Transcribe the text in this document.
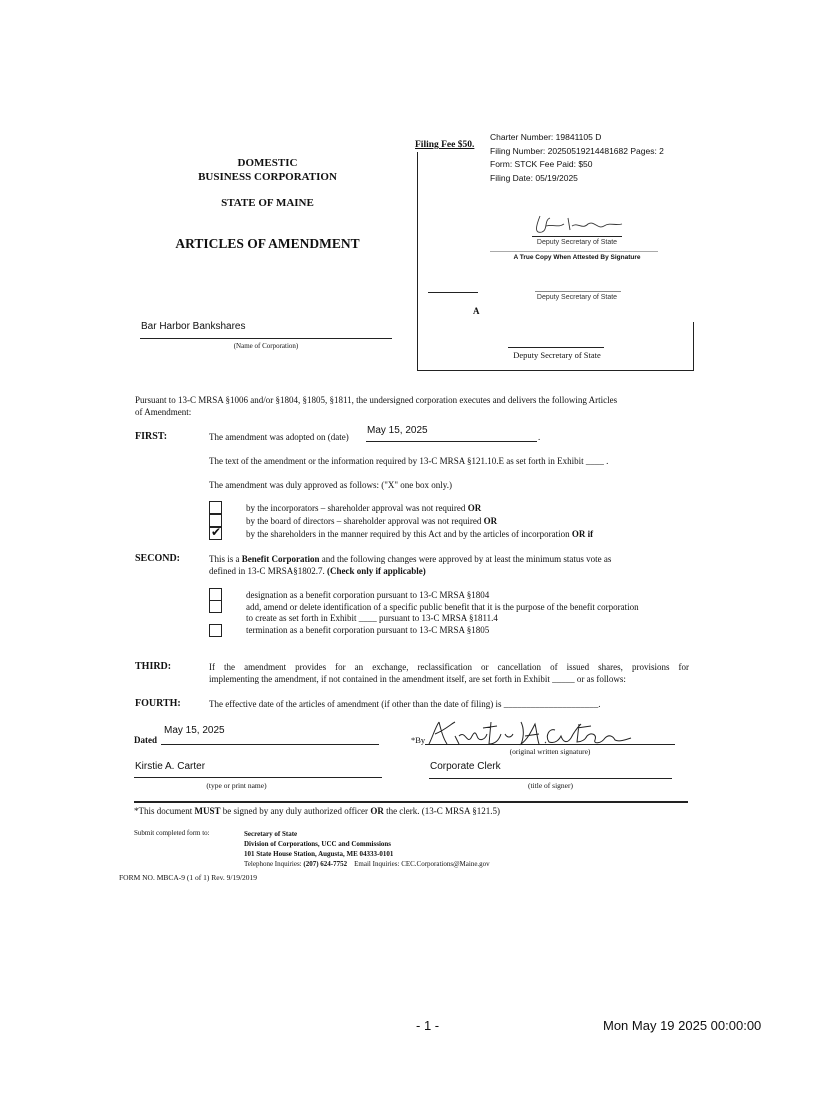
DOMESTIC
BUSINESS CORPORATION
STATE OF MAINE
ARTICLES OF AMENDMENT
Filing Fee $50.
Charter Number: 19841105 D
Filing Number: 20250519214481682 Pages: 2
Form: STCK Fee Paid: $50
Filing Date: 05/19/2025
Deputy Secretary of State
A True Copy When Attested By Signature
Deputy Secretary of State
A
Deputy Secretary of State
Bar Harbor Bankshares
(Name of Corporation)
Pursuant to 13-C MRSA §1006 and/or §1804, §1805, §1811, the undersigned corporation executes and delivers the following Articles
of Amendment:
FIRST:	The amendment was adopted on (date)
May 15, 2025
.
The text of the amendment or the information required by 13-C MRSA §121.10.E as set forth in Exhibit ____ .
The amendment was duly approved as follows: ("X" one box only.)
✔
by the incorporators – shareholder approval was not required OR
by the board of directors – shareholder approval was not required OR
by the shareholders in the manner required by this Act and by the articles of incorporation OR if
SECOND:	This is a Benefit Corporation and the following changes were approved by at least the minimum status vote as
defined in 13-C MRSA§1802.7. (Check only if applicable)
designation as a benefit corporation pursuant to 13-C MRSA §1804
add, amend or delete identification of a specific public benefit that it is the purpose of the benefit corporation
to create as set forth in Exhibit ____ pursuant to 13-C MRSA §1811.4
termination as a benefit corporation pursuant to 13-C MRSA §1805
THIRD:	If the amendment provides for an exchange, reclassification or cancellation of issued shares, provisions for
implementing the amendment, if not contained in the amendment itself, are set forth in Exhibit _____ or as follows:
FOURTH:	The effective date of the articles of amendment (if other than the date of filing) is _____________________.
Dated
May 15, 2025
*By
(original written signature)
Kirstie A. Carter
(type or print name)
Corporate Clerk
(title of signer)
*This document MUST be signed by any duly authorized officer OR the clerk. (13-C MRSA §121.5)
Submit completed form to:	Secretary of State
Division of Corporations, UCC and Commissions
101 State House Station, Augusta, ME 04333-0101
Telephone Inquiries: (207) 624-7752 Email Inquiries: CEC.Corporations@Maine.gov
FORM NO. MBCA-9 (1 of 1) Rev. 9/19/2019
- 1 -	Mon May 19 2025 00:00:00
